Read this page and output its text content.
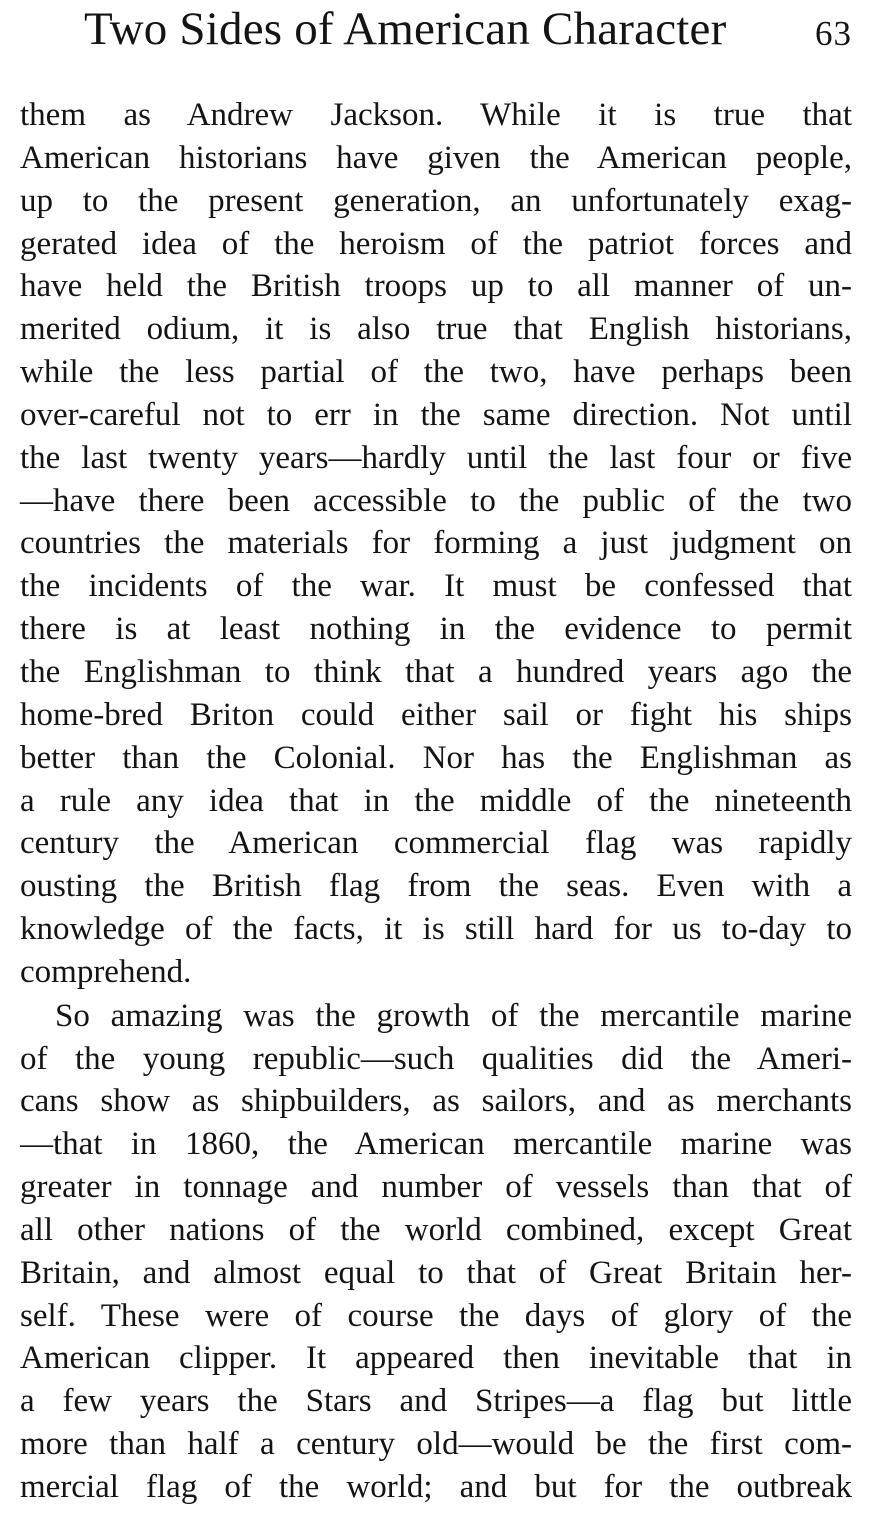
Two Sides of American Character	63
them as Andrew Jackson. While it is true that
American historians have given the American people,
up to the present generation, an unfortunately exag-
gerated idea of the heroism of the patriot forces and
have held the British troops up to all manner of un-
merited odium, it is also true that English historians,
while the less partial of the two, have perhaps been
over-careful not to err in the same direction. Not until
the last twenty years—hardly until the last four or five
—have there been accessible to the public of the two
countries the materials for forming a just judgment on
the incidents of the war. It must be confessed that
there is at least nothing in the evidence to permit
the Englishman to think that a hundred years ago the
home-bred Briton could either sail or fight his ships
better than the Colonial. Nor has the Englishman as
a rule any idea that in the middle of the nineteenth
century the American commercial flag was rapidly
ousting the British flag from the seas. Even with a
knowledge of the facts, it is still hard for us to-day to
comprehend.
So amazing was the growth of the mercantile marine
of the young republic—such qualities did the Ameri-
cans show as shipbuilders, as sailors, and as merchants
—that in 1860, the American mercantile marine was
greater in tonnage and number of vessels than that of
all other nations of the world combined, except Great
Britain, and almost equal to that of Great Britain her-
self. These were of course the days of glory of the
American clipper. It appeared then inevitable that in
a few years the Stars and Stripes—a flag but little
more than half a century old—would be the first com-
mercial flag of the world; and but for the outbreak
